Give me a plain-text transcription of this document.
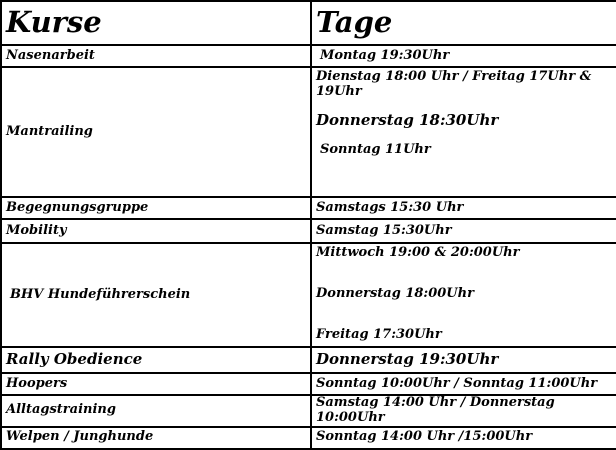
Kurse	Tage
Nasenarbeit	Montag 19:30Uhr

Mantrailing	Dienstag 18:00 Uhr / Freitag 17Uhr & 19Uhr
Donnerstag 18:30Uhr
Sonntag 11Uhr

Begegnungsgruppe	Samstags 15:30 Uhr
Mobility	Samstag 15:30Uhr
BHV Hundeführerschein	Mittwoch 19:00 & 20:00Uhr
Donnerstag 18:00Uhr
Freitag 17:30Uhr

Rally Obedience	Donnerstag 19:30Uhr
Hoopers	Sonntag 10:00Uhr / Sonntag 11:00Uhr
Alltagstraining	Samstag 14:00 Uhr / Donnerstag 10:00Uhr
Welpen / Junghunde	Sonntag 14:00 Uhr /15:00Uhr
